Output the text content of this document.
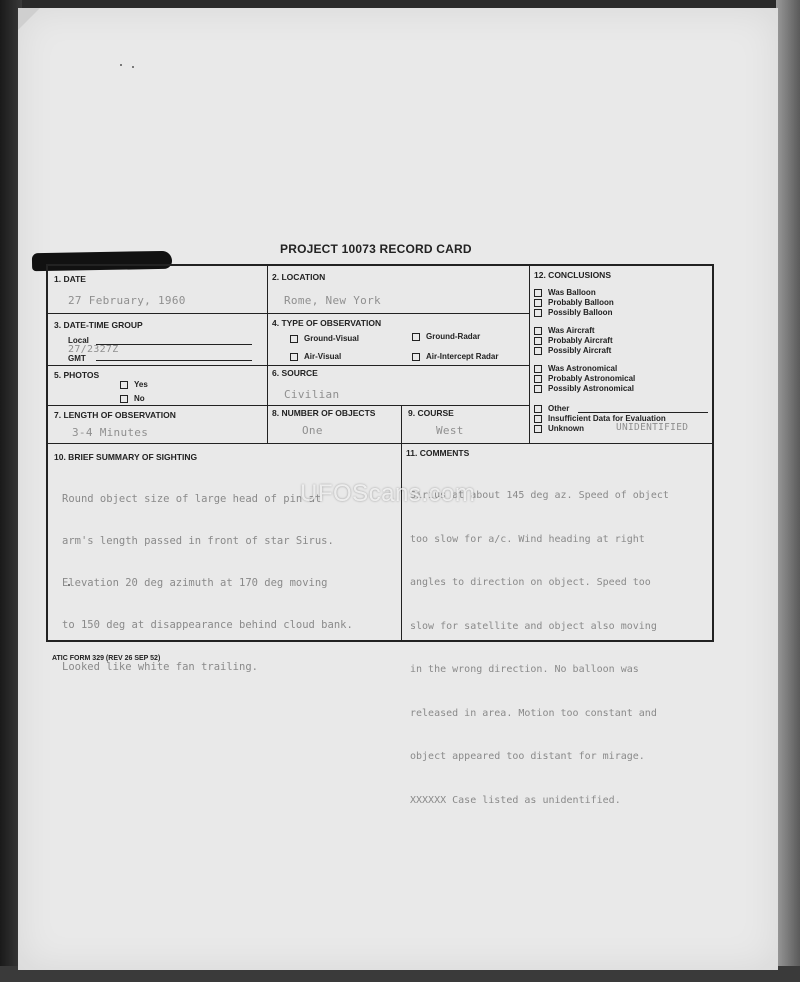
PROJECT 10073 RECORD CARD
1. DATE
27 February, 1960
2. LOCATION
Rome, New York
3. DATE-TIME GROUP
Local
27/2327Z
GMT
4. TYPE OF OBSERVATION
Ground-Visual	Ground-Radar
Air-Visual	Air-Intercept Radar
5. PHOTOS
Yes
No
6. SOURCE
Civilian
7. LENGTH OF OBSERVATION
3-4 Minutes
8. NUMBER OF OBJECTS
One
9. COURSE
West
12. CONCLUSIONS
Was Balloon
Probably Balloon
Possibly Balloon
Was Aircraft
Probably Aircraft
Possibly Aircraft
Was Astronomical
Probably Astronomical
Possibly Astronomical
Other
Insufficient Data for Evaluation
Unknown	UNIDENTIFIED
10. BRIEF SUMMARY OF SIGHTING

Round object size of large head of pin at

arm's length passed in front of star Sirus.

Elevation 20 deg azimuth at 170 deg moving

to 150 deg at disappearance behind cloud bank.

Looked like white fan trailing.

11. COMMENTS

Sirius at about 145 deg az. Speed of object

too slow for a/c. Wind heading at right

angles to direction on object. Speed too

slow for satellite and object also moving

in the wrong direction. No balloon was

released in area. Motion too constant and

object appeared too distant for mirage.

XXXXXX Case listed as unidentified.

ATIC FORM 329 (REV 26 SEP 52)
UFOScans.com
